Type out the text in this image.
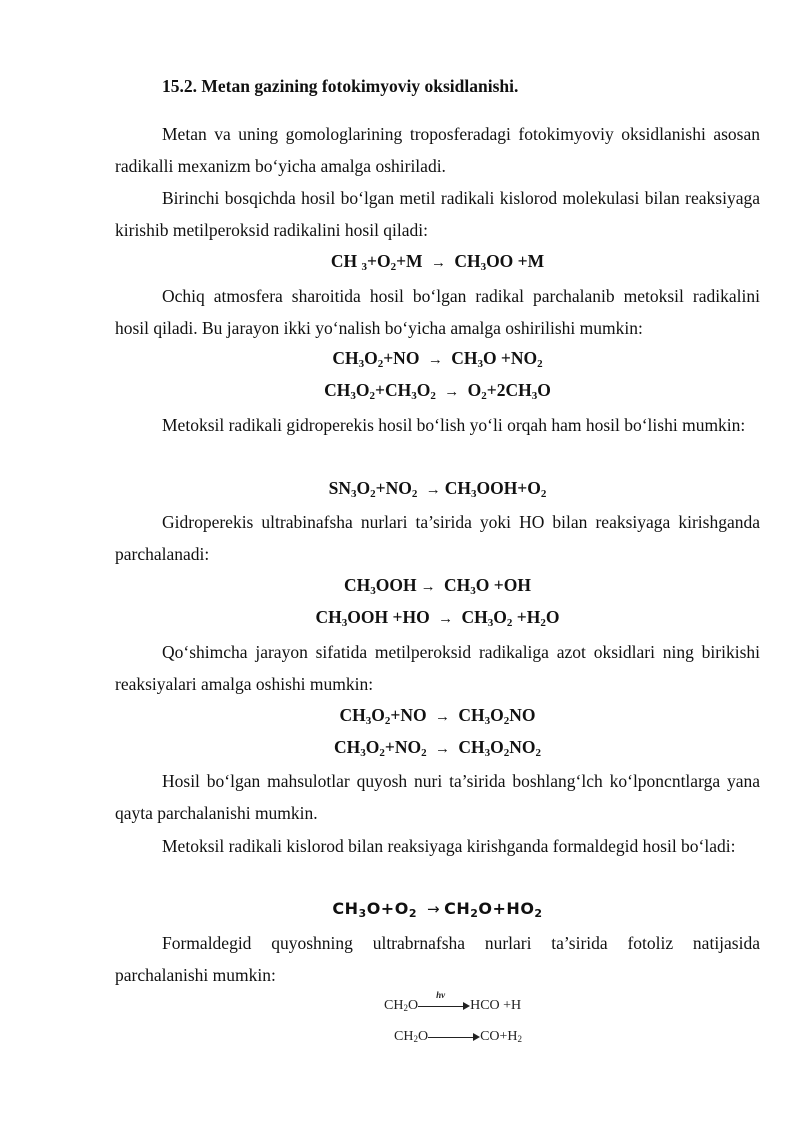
15.2. Metan gazining fotokimyoviy oksidlanishi.
Metan va uning gomologlarining troposferadagi fotokimyoviy oksidlanishi asosan radikalli mexanizm bo‘yicha amalga oshiriladi.
Birinchi bosqichda hosil bo‘lgan metil radikali kislorod molekulasi bilan reaksiyaga kirishib metilperoksid radikalini hosil qiladi:
CH $_3+O_2+M \to CH_3OO +M$
Ochiq atmosfera sharoitida hosil bo‘lgan radikal parchalanib metoksil radikalini hosil qiladi. Bu jarayon ikki yo‘nalish bo‘yicha amalga oshirilishi mumkin:
$CH_3O_2+NO \to CH_3O +NO_2$
$CH_3O_2+CH_3O_2 \to O_2+2CH_3O$
Metoksil radikali gidroperekis hosil bo‘lish yo‘li orqah ham hosil bo‘lishi mumkin:
$SN_3O_2+NO_2 \to CH_3OOH+O_2$
Gidroperekis ultrabinafsha nurlari ta’sirida yoki HO bilan reaksiyaga kirishganda parchalanadi:
$CH_3OOH \to CH_3O +OH$
$CH_3OOH +HO \to CH_3O_2 +H_2O$
Qo‘shimcha jarayon sifatida metilperoksid radikaliga azot oksidlari ning birikishi reaksiyalari amalga oshishi mumkin:
$CH_3O_2+NO \to CH_3O_2NO$
$CH_3O_2+NO_2 \to CH_3O_2NO_2$
Hosil bo‘lgan mahsulotlar quyosh nuri ta’sirida boshlang‘lch ko‘lponcntlarga yana qayta parchalanishi mumkin.
Metoksil radikali kislorod bilan reaksiyaga kirishganda formaldegid hosil bo‘ladi:
$CH_3O+O_2 \to CH_2O+HO_2$
Formaldegid quyoshning ultrabrnafsha nurlari ta’sirida fotoliz natijasida parchalanishi mumkin:
$CH_2O$
hv
HCO +H
$CH_2O$	$CO+H_2$
